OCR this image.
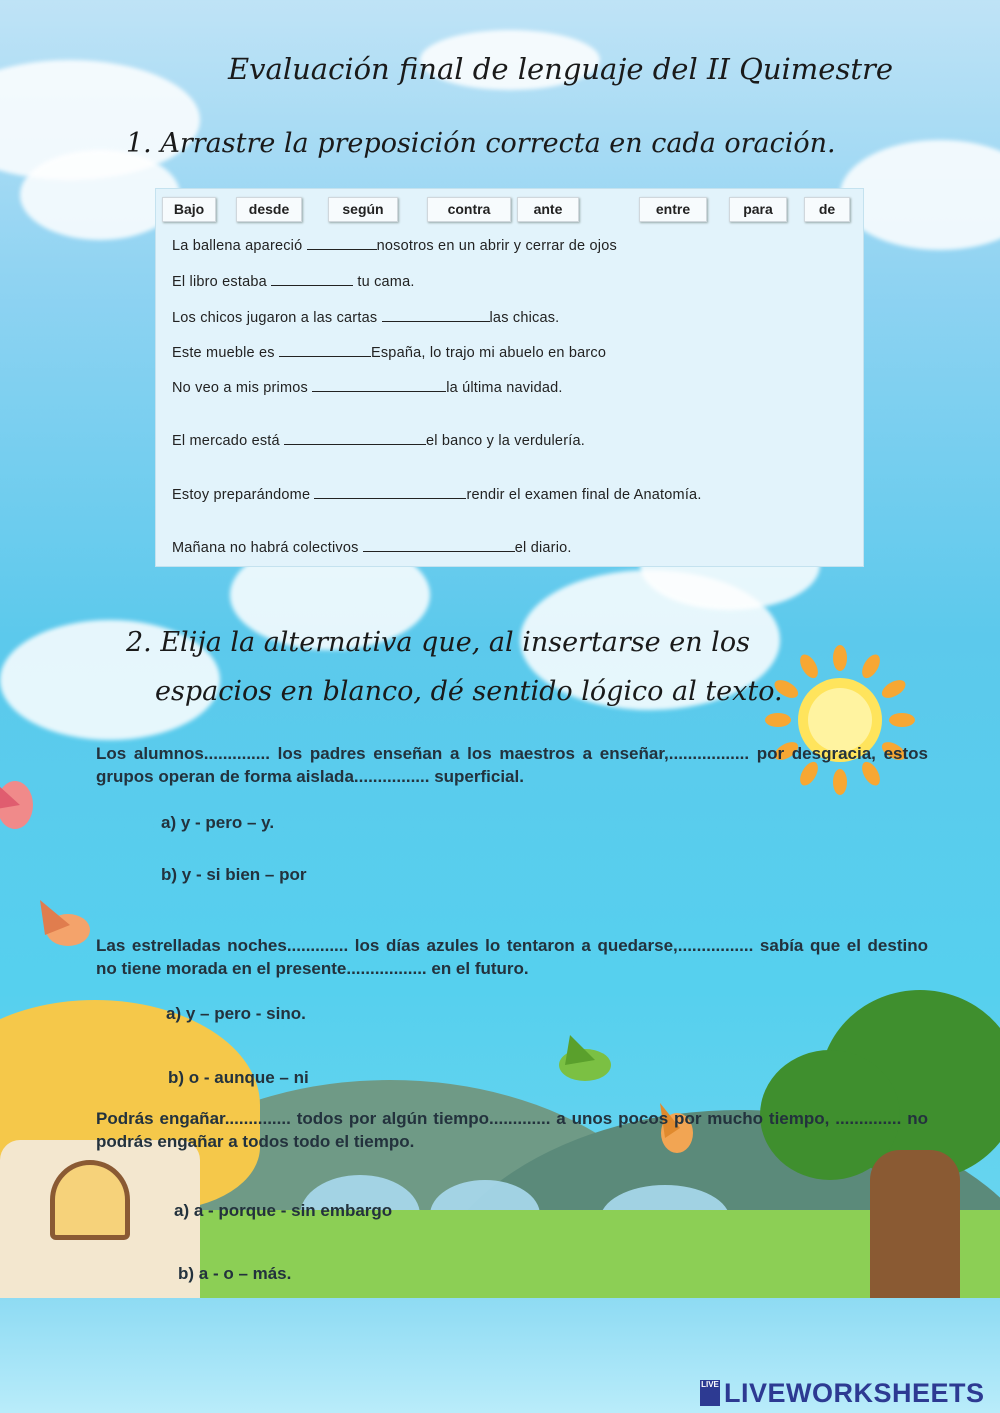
Evaluación final de lenguaje del II Quimestre
1. Arrastre la preposición correcta en cada oración.
Bajo	desde	según	contra	ante	entre	para	de
La ballena apareció	nosotros en un abrir y cerrar de ojos
El libro estaba	tu cama.
Los chicos jugaron a las cartas	las chicas.
Este mueble es	España, lo trajo mi abuelo en barco
No veo a mis primos	la última navidad.
El mercado está	el banco y la verdulería.
Estoy preparándome	rendir el examen final de Anatomía.
Mañana no habrá colectivos	el diario.
2. Elija la alternativa que, al insertarse en los
espacios en blanco, dé sentido lógico al texto.
Los alumnos.............. los padres enseñan a los maestros a enseñar,................. por desgracia, estos grupos operan de forma aislada................ superficial.
a) y - pero – y.
b) y - si bien – por
Las estrelladas noches............. los días azules lo tentaron a quedarse,................ sabía que el destino no tiene morada en el presente................. en el futuro.
a) y – pero - sino.
b) o - aunque – ni
Podrás engañar.............. todos por algún tiempo............. a unos pocos por mucho tiempo, .............. no podrás engañar a todos todo el tiempo.
a) a - porque - sin embargo
b) a - o – más.
LIVE LIVEWORKSHEETS
